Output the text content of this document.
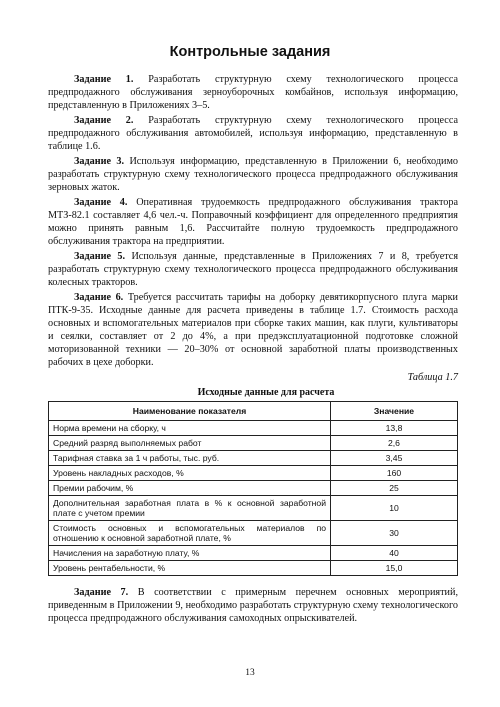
Контрольные задания

Задание 1. Разработать структурную схему технологического процесса предпродажного обслуживания зерноуборочных комбайнов, используя информацию, представленную в Приложениях 3–5.

Задание 2. Разработать структурную схему технологического процесса предпродажного обслуживания автомобилей, используя информацию, представленную в таблице 1.6.

Задание 3. Используя информацию, представленную в Приложении 6, необходимо разработать структурную схему технологического процесса предпродажного обслуживания зерновых жаток.

Задание 4. Оперативная трудоемкость предпродажного обслуживания трактора МТЗ-82.1 составляет 4,6 чел.-ч. Поправочный коэффициент для определенного предприятия можно принять равным 1,6. Рассчитайте полную трудоемкость предпродажного обслуживания трактора на предприятии.

Задание 5. Используя данные, представленные в Приложениях 7 и 8, требуется разработать структурную схему технологического процесса предпродажного обслуживания колесных тракторов.

Задание 6. Требуется рассчитать тарифы на доборку девятикорпусного плуга марки ПТК-9-35. Исходные данные для расчета приведены в таблице 1.7. Стоимость расхода основных и вспомогательных материалов при сборке таких машин, как плуги, культиваторы и сеялки, составляет от 2 до 4%, а при предэксплуатационной подготовке сложной моторизованной техники — 20–30% от основной заработной платы производственных рабочих в цехе доборки.

Таблица 1.7

Исходные данные для расчета

Наименование показателя	Значение
Норма времени на сборку, ч	13,8
Средний разряд выполняемых работ	2,6
Тарифная ставка за 1 ч работы, тыс. руб.	3,45
Уровень накладных расходов, %	160
Премии рабочим, %	25
Дополнительная заработная плата в % к основной заработной плате с учетом премии	10
Стоимость основных и вспомогательных материалов по отношению к основной заработной плате, %	30
Начисления на заработную плату, %	40
Уровень рентабельности, %	15,0

Задание 7. В соответствии с примерным перечнем основных мероприятий, приведенным в Приложении 9, необходимо разработать структурную схему технологического процесса предпродажного обслуживания самоходных опрыскивателей.

13
